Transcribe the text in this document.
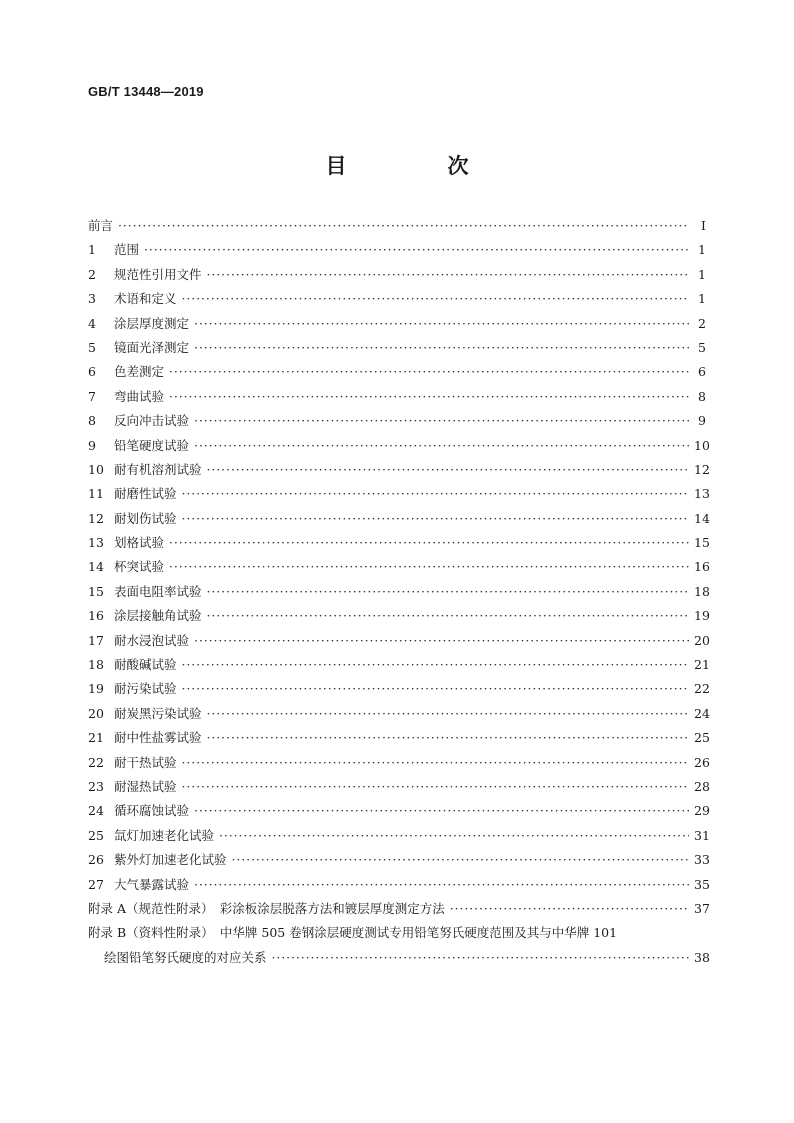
GB/T 13448—2019
目　次
前言 ·····	Ⅰ
1	范围 ·····	1
2	规范性引用文件 ·····	1
3	术语和定义 ·····	1
4	涂层厚度测定 ·····	2
5	镜面光泽测定 ·····	5
6	色差测定 ·····	6
7	弯曲试验 ·····	8
8	反向冲击试验 ·····	9
9	铅笔硬度试验 ·····	10
10 耐有机溶剂试验 ·····	12
11 耐磨性试验 ·····	13
12 耐划伤试验 ·····	14
13 划格试验 ·····	15
14 杯突试验 ·····	16
15 表面电阻率试验 ·····	18
16 涂层接触角试验 ·····	19
17 耐水浸泡试验 ·····	20
18 耐酸碱试验 ·····	21
19 耐污染试验 ·····	22
20 耐炭黑污染试验 ·····	24
21 耐中性盐雾试验 ·····	25
22 耐干热试验 ·····	26
23 耐湿热试验 ·····	28
24 循环腐蚀试验 ·····	29
25 氙灯加速老化试验 ·····	31
26 紫外灯加速老化试验 ·····	33
27 大气暴露试验 ·····	35
附录 A（规范性附录）　彩涂板涂层脱落方法和镀层厚度测定方法 ·····	37
附录 B（资料性附录）　中华牌 505 卷钢涂层硬度测试专用铅笔努氏硬度范围及其与中华牌 101
绘图铅笔努氏硬度的对应关系 ·····	38
